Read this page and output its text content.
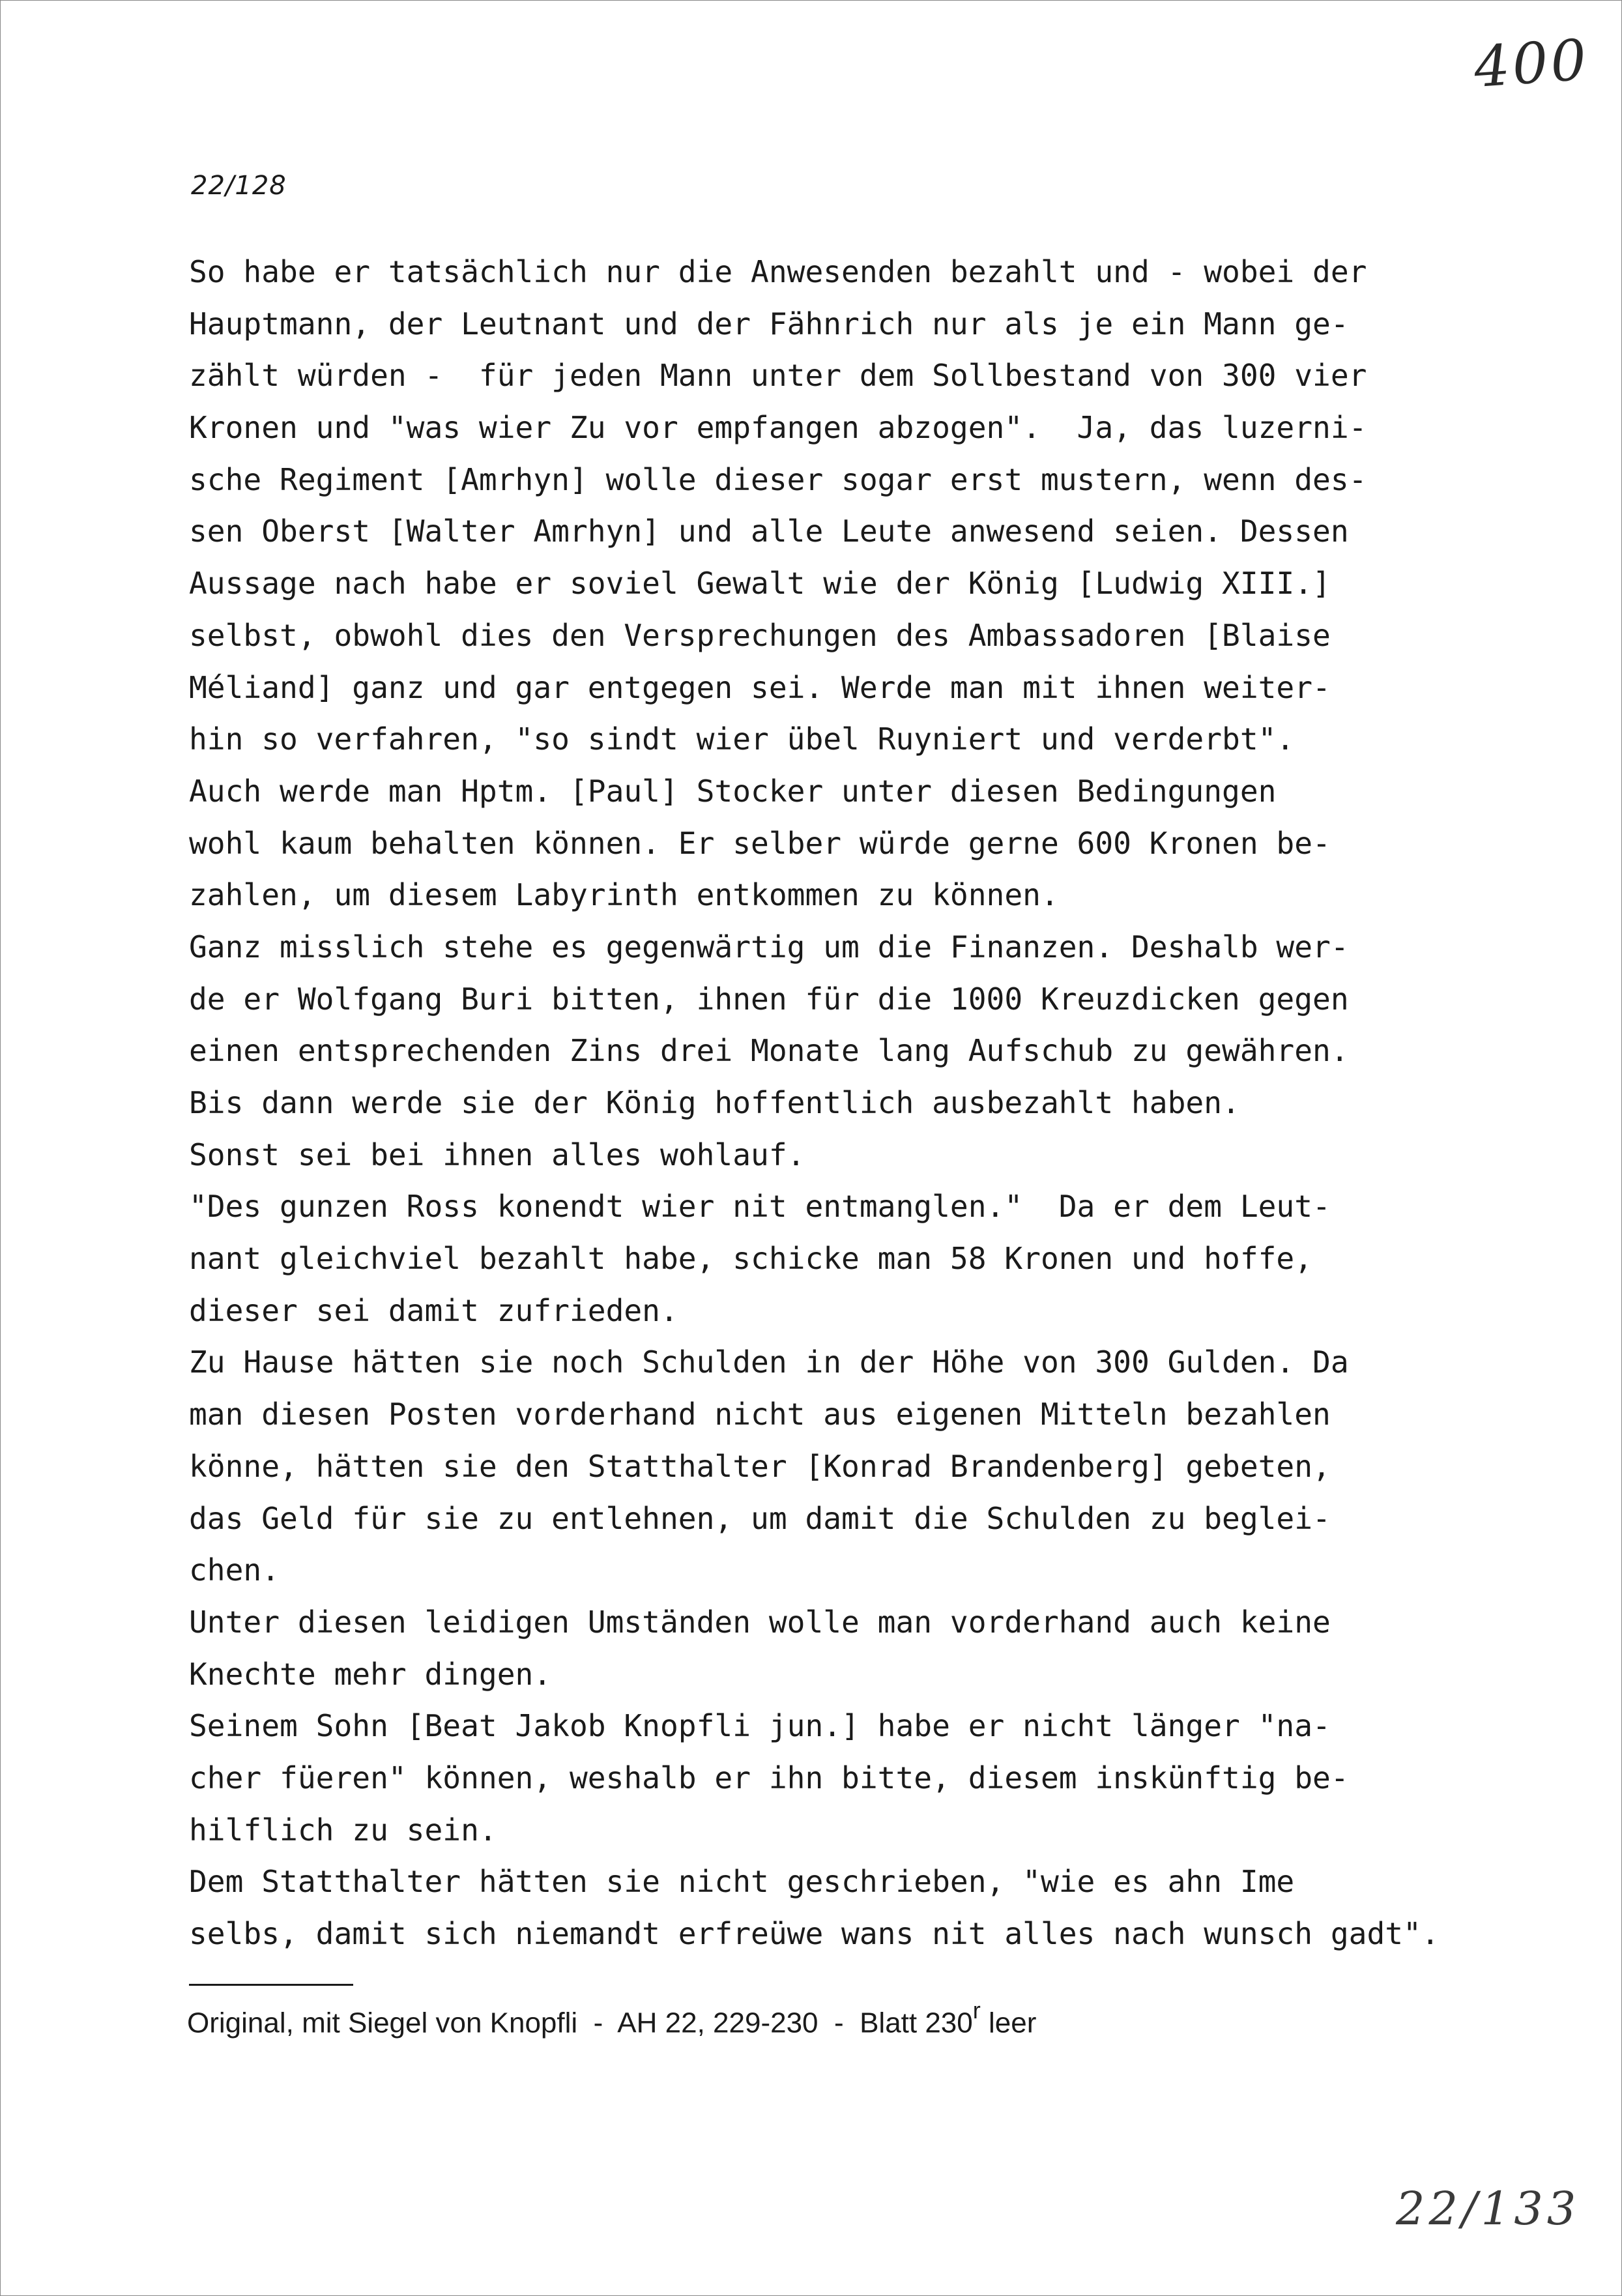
400
22/128
So habe er tatsächlich nur die Anwesenden bezahlt und - wobei der
Hauptmann, der Leutnant und der Fähnrich nur als je ein Mann ge-
zählt würden -  für jeden Mann unter dem Sollbestand von 300 vier
Kronen und "was wier Zu vor empfangen abzogen".  Ja, das luzerni-
sche Regiment [Amrhyn] wolle dieser sogar erst mustern, wenn des-
sen Oberst [Walter Amrhyn] und alle Leute anwesend seien. Dessen
Aussage nach habe er soviel Gewalt wie der König [Ludwig XIII.]
selbst, obwohl dies den Versprechungen des Ambassadoren [Blaise
Méliand] ganz und gar entgegen sei. Werde man mit ihnen weiter-
hin so verfahren, "so sindt wier übel Ruyniert und verderbt".
Auch werde man Hptm. [Paul] Stocker unter diesen Bedingungen
wohl kaum behalten können. Er selber würde gerne 600 Kronen be-
zahlen, um diesem Labyrinth entkommen zu können.
Ganz misslich stehe es gegenwärtig um die Finanzen. Deshalb wer-
de er Wolfgang Buri bitten, ihnen für die 1000 Kreuzdicken gegen
einen entsprechenden Zins drei Monate lang Aufschub zu gewähren.
Bis dann werde sie der König hoffentlich ausbezahlt haben.
Sonst sei bei ihnen alles wohlauf.
"Des gunzen Ross konendt wier nit entmanglen."  Da er dem Leut-
nant gleichviel bezahlt habe, schicke man 58 Kronen und hoffe,
dieser sei damit zufrieden.
Zu Hause hätten sie noch Schulden in der Höhe von 300 Gulden. Da
man diesen Posten vorderhand nicht aus eigenen Mitteln bezahlen
könne, hätten sie den Statthalter [Konrad Brandenberg] gebeten,
das Geld für sie zu entlehnen, um damit die Schulden zu beglei-
chen.
Unter diesen leidigen Umständen wolle man vorderhand auch keine
Knechte mehr dingen.
Seinem Sohn [Beat Jakob Knopfli jun.] habe er nicht länger "na-
cher füeren" können, weshalb er ihn bitte, diesem inskünftig be-
hilflich zu sein.
Dem Statthalter hätten sie nicht geschrieben, "wie es ahn Ime
selbs, damit sich niemandt erfreüwe wans nit alles nach wunsch gadt".
Original, mit Siegel von Knopfli  -  AH 22, 229-230  -  Blatt 230$^r$ leer
22/133
